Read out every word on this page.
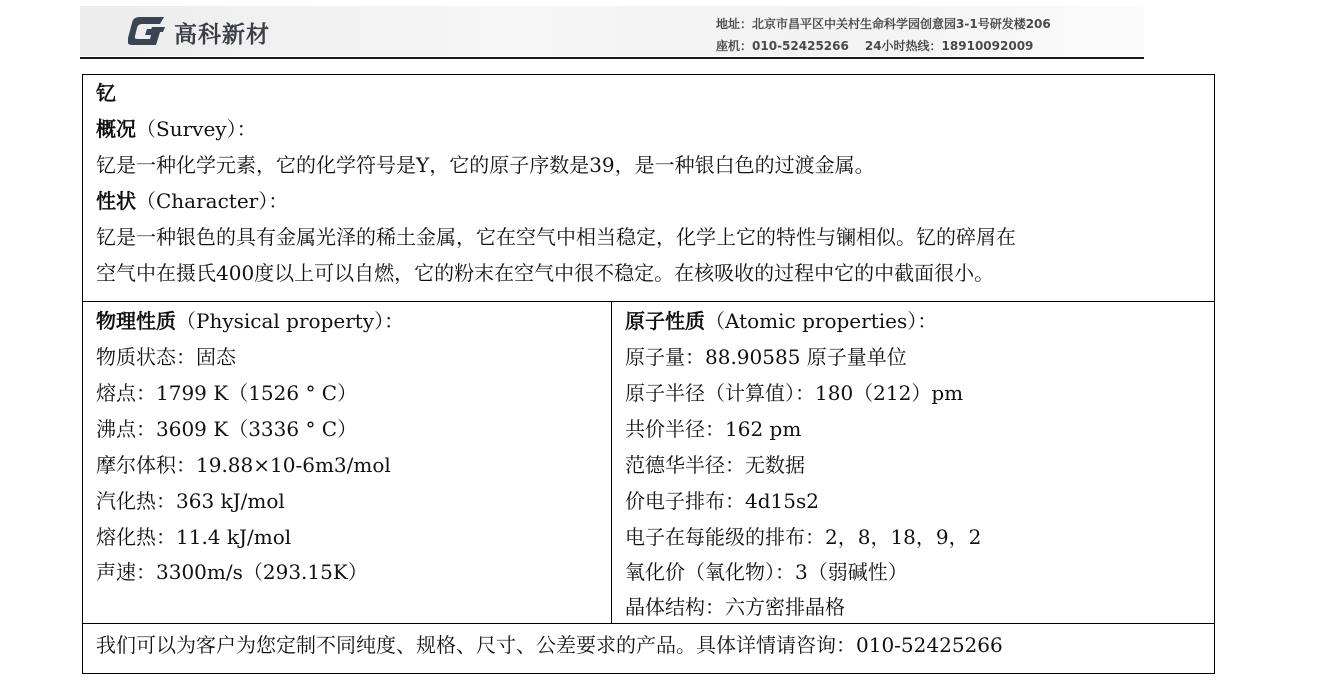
高科新材	地址：北京市昌平区中关村生命科学园创意园3-1号研发楼206
座机：010-52425266 24小时热线：18910092009
钇
概况（Survey）：
钇是一种化学元素，它的化学符号是Y，它的原子序数是39，是一种银白色的过渡金属。
性状（Character）：
钇是一种银色的具有金属光泽的稀土金属，它在空气中相当稳定，化学上它的特性与镧相似。钇的碎屑在
空气中在摄氏400度以上可以自燃，它的粉末在空气中很不稳定。在核吸收的过程中它的中截面很小。
物理性质（Physical property）：
物质状态：固态
熔点：1799 K（1526 ° C）
沸点：3609 K（3336 ° C）
摩尔体积：19.88×10-6m3/mol
汽化热：363 kJ/mol
熔化热：11.4 kJ/mol
声速：3300m/s（293.15K）
原子性质（Atomic properties）：
原子量：88.90585 原子量单位
原子半径（计算值）：180（212）pm
共价半径：162 pm
范德华半径：无数据
价电子排布：4d15s2
电子在每能级的排布：2，8，18，9，2
氧化价（氧化物）：3（弱碱性）
晶体结构：六方密排晶格
我们可以为客户为您定制不同纯度、规格、尺寸、公差要求的产品。具体详情请咨询：010-52425266
